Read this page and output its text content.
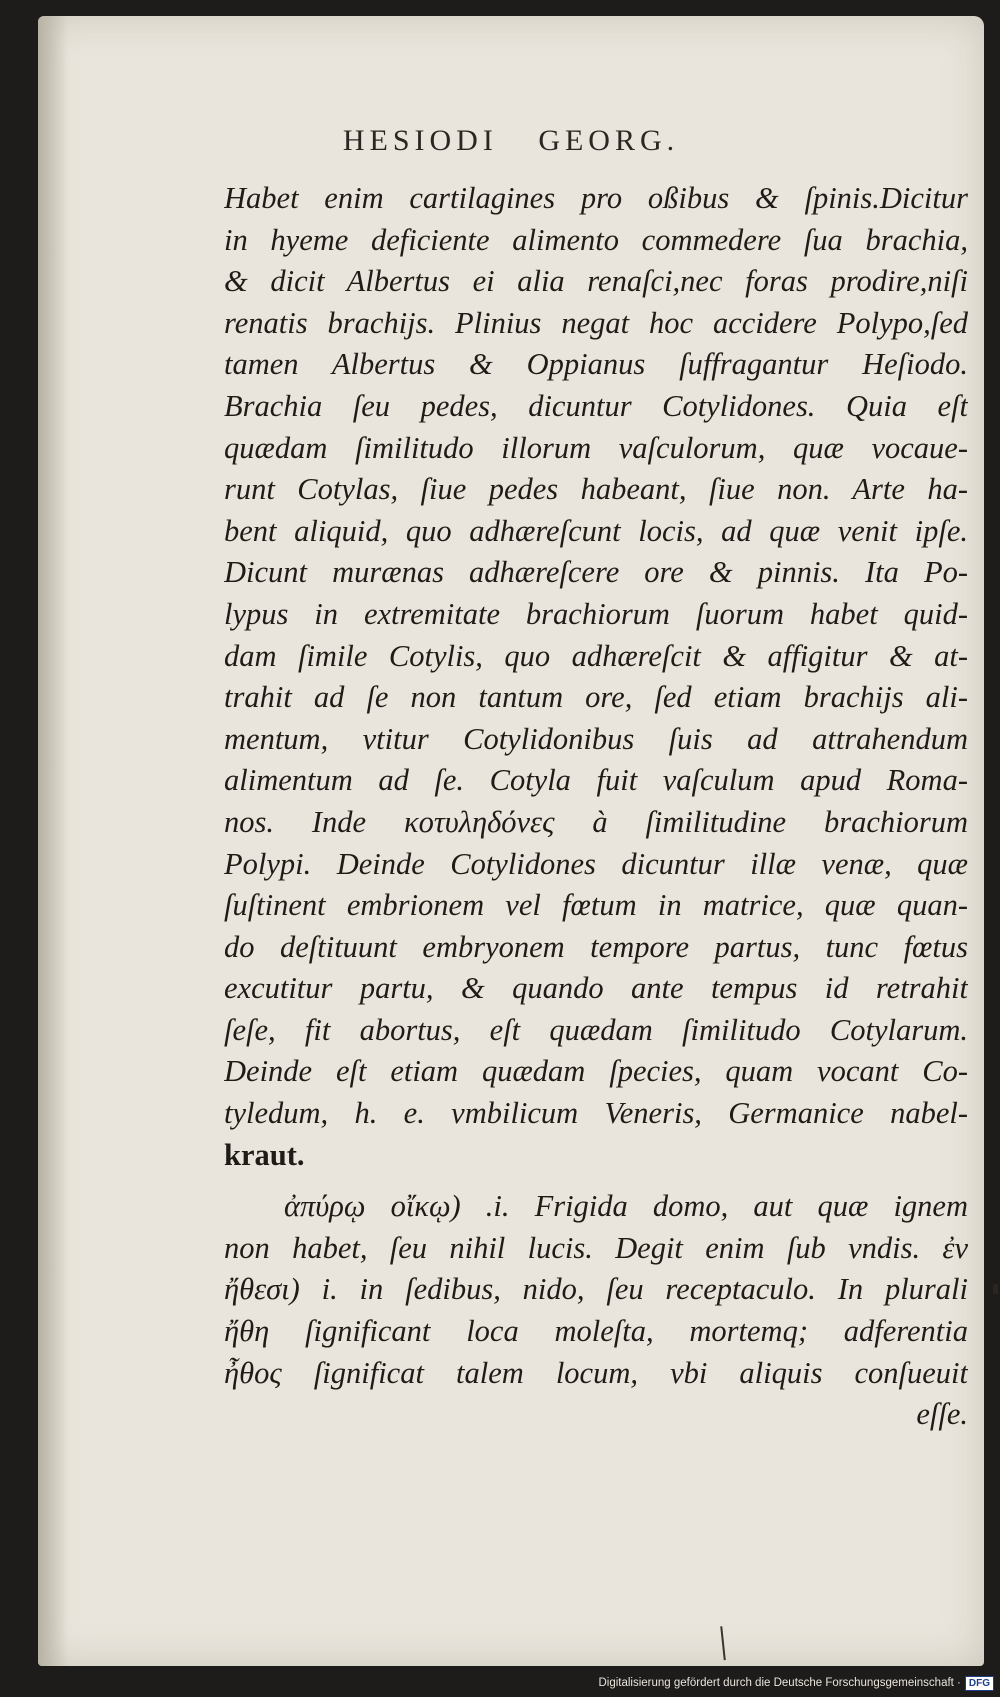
HESIODI GEORG.
Habet enim cartilagines pro oßibus & ſpinis.Dicitur
in hyeme deficiente alimento commedere ſua brachia,
& dicit Albertus ei alia renaſci,nec foras prodire,niſi
renatis brachijs. Plinius negat hoc accidere Polypo,ſed
tamen Albertus & Oppianus ſuffragantur Heſiodo.
Brachia ſeu pedes, dicuntur Cotylidones. Quia eſt
quædam ſimilitudo illorum vaſculorum, quæ vocaue-
runt Cotylas, ſiue pedes habeant, ſiue non. Arte ha-
bent aliquid, quo adhæreſcunt locis, ad quæ venit ipſe.
Dicunt murænas adhæreſcere ore & pinnis. Ita Po-
lypus in extremitate brachiorum ſuorum habet quid-
dam ſimile Cotylis, quo adhæreſcit & affigitur & at-
trahit ad ſe non tantum ore, ſed etiam brachijs ali-
mentum, vtitur Cotylidonibus ſuis ad attrahendum
alimentum ad ſe. Cotyla fuit vaſculum apud Roma-
nos. Inde κοτυληδόνες à ſimilitudine brachiorum
Polypi. Deinde Cotylidones dicuntur illæ venæ, quæ
ſuſtinent embrionem vel fœtum in matrice, quæ quan-
do deſtituunt embryonem tempore partus, tunc fœtus
excutitur partu, & quando ante tempus id retrahit
ſeſe, fit abortus, eſt quædam ſimilitudo Cotylarum.
Deinde eſt etiam quædam ſpecies, quam vocant Co-
tyledum, h. e. vmbilicum Veneris, Germanice nabel-
kraut.
ἀπύρῳ οἴκῳ) .i. Frigida domo, aut quæ ignem
non habet, ſeu nihil lucis. Degit enim ſub vndis. ἐν
ἤθεσι) i. in ſedibus, nido, ſeu receptaculo. In plurali
ἤθη ſignificant loca moleſta, mortemq; adferentia
ἦθος ſignificat talem locum, vbi aliquis conſueuit
eſſe.
Digitalisierung gefördert durch die Deutsche Forschungsgemeinschaft · DFG
